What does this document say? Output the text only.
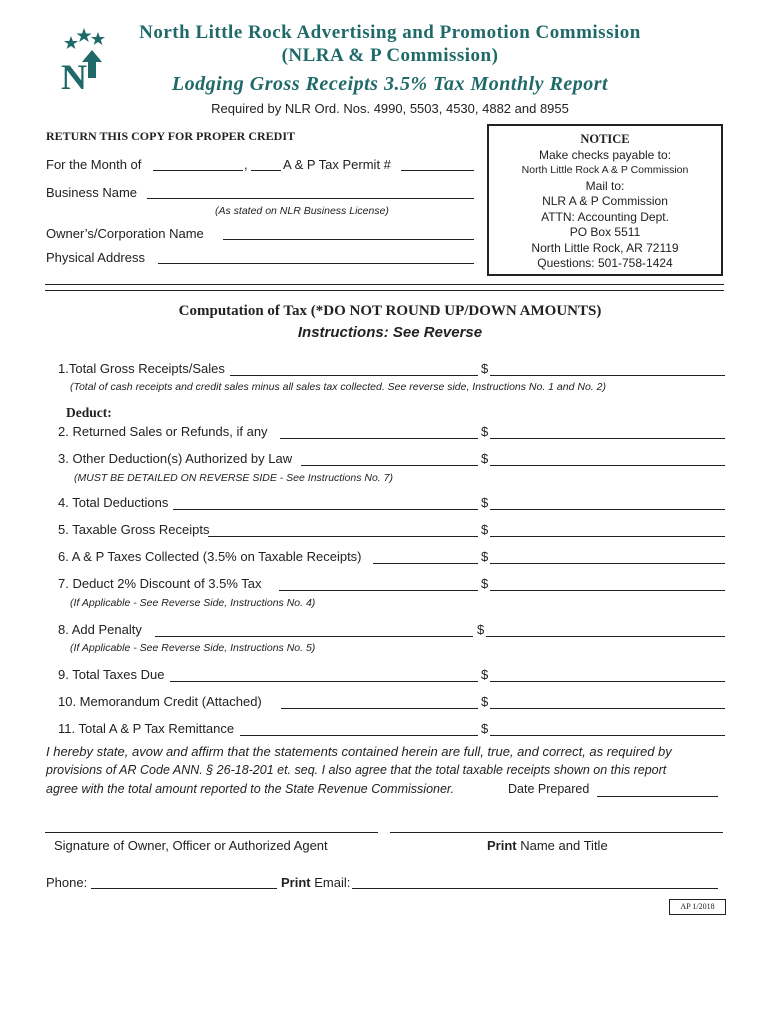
N
North Little Rock Advertising and Promotion Commission
(NLRA & P Commission)
Lodging Gross Receipts 3.5% Tax Monthly Report
Required by NLR Ord. Nos. 4990, 5503, 4530, 4882 and 8955
RETURN THIS COPY FOR PROPER CREDIT
For the Month of	,	A & P Tax Permit #
Business Name
(As stated on NLR Business License)
Owner’s/Corporation Name
Physical Address
NOTICE
Make checks payable to:
North Little Rock A & P Commission
Mail to:
NLR A & P Commission
ATTN: Accounting Dept.
PO Box 5511
North Little Rock, AR 72119
Questions: 501-758-1424
Computation of Tax (*DO NOT ROUND UP/DOWN AMOUNTS)
Instructions: See Reverse
1.Total Gross Receipts/Sales	$
(Total of cash receipts and credit sales minus all sales tax collected. See reverse side, Instructions No. 1 and No. 2)
Deduct:
2. Returned Sales or Refunds, if any	$
3. Other Deduction(s) Authorized by Law	$
(MUST BE DETAILED ON REVERSE SIDE - See Instructions No. 7)
4. Total Deductions	$
5. Taxable Gross Receipts	$
6. A & P Taxes Collected (3.5% on Taxable Receipts)	$
7. Deduct 2% Discount of 3.5% Tax	$
(If Applicable - See Reverse Side, Instructions No. 4)
8. Add Penalty	$
(If Applicable - See Reverse Side, Instructions No. 5)
9. Total Taxes Due	$
10. Memorandum Credit (Attached)	$
11. Total A & P Tax Remittance	$
I hereby state, avow and affirm that the statements contained herein are full, true, and correct, as required by
provisions of AR Code ANN. § 26-18-201 et. seq. I also agree that the total taxable receipts shown on this report
agree with the total amount reported to the State Revenue Commissioner.	Date Prepared
Signature of Owner, Officer or Authorized Agent	Print Name and Title
Phone:	Print Email:
AP 1/2018
